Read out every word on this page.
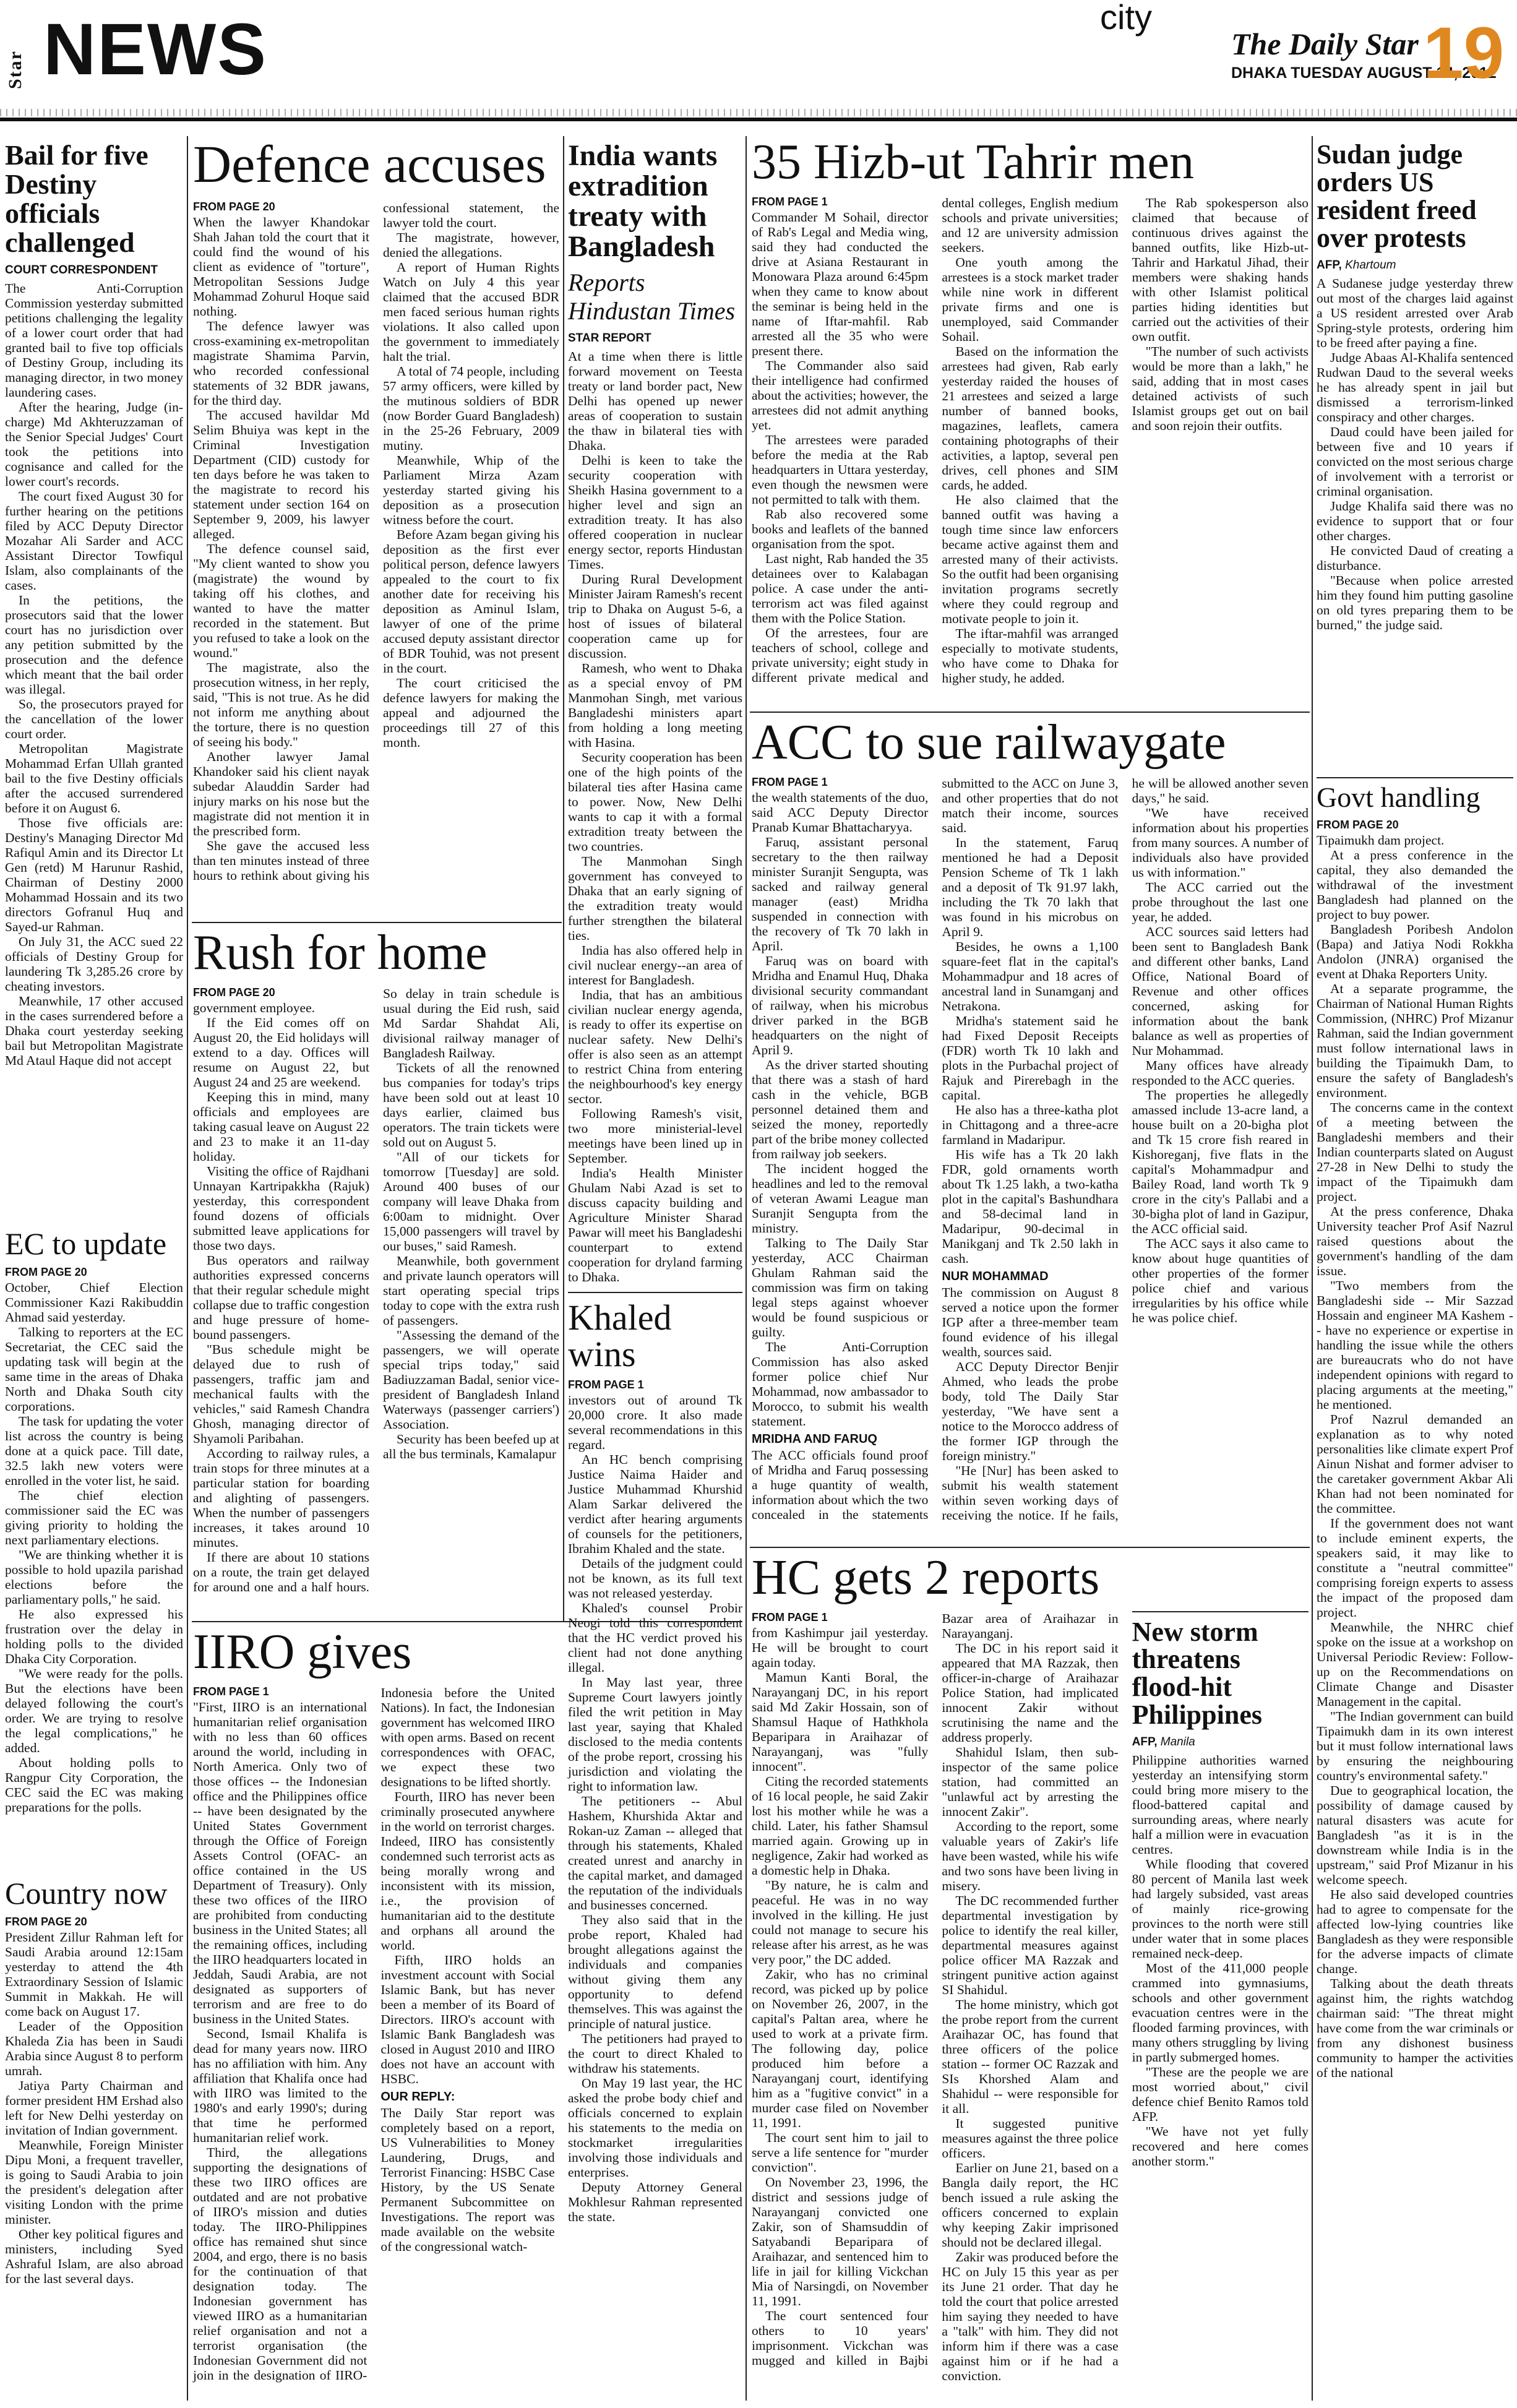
Star NEWS	city
The Daily Star
DHAKA TUESDAY AUGUST 14, 2012
19
Bail for five Destiny officials challenged
COURT CORRESPONDENT

The Anti-Corruption Commission yesterday submitted petitions challenging the legality of a lower court order that had granted bail to five top officials of Destiny Group, including its managing director, in two money laundering cases.

After the hearing, Judge (in-charge) Md Akhteruzzaman of the Senior Special Judges' Court took the petitions into cognisance and called for the lower court's records.

The court fixed August 30 for further hearing on the petitions filed by ACC Deputy Director Mozahar Ali Sarder and ACC Assistant Director Towfiqul Islam, also complainants of the cases.

In the petitions, the prosecutors said that the lower court has no jurisdiction over any petition submitted by the prosecution and the defence which meant that the bail order was illegal.

So, the prosecutors prayed for the cancellation of the lower court order.

Metropolitan Magistrate Mohammad Erfan Ullah granted bail to the five Destiny officials after the accused surrendered before it on August 6.

Those five officials are: Destiny's Managing Director Md Rafiqul Amin and its Director Lt Gen (retd) M Harunur Rashid, Chairman of Destiny 2000 Mohammad Hossain and its two directors Gofranul Huq and Sayed-ur Rahman.

On July 31, the ACC sued 22 officials of Destiny Group for laundering Tk 3,285.26 crore by cheating investors.

Meanwhile, 17 other accused in the cases surrendered before a Dhaka court yesterday seeking bail but Metropolitan Magistrate Md Ataul Haque did not accept

EC to update
FROM PAGE 20

October, Chief Election Commissioner Kazi Rakibuddin Ahmad said yesterday.

Talking to reporters at the EC Secretariat, the CEC said the updating task will begin at the same time in the areas of Dhaka North and Dhaka South city corporations.

The task for updating the voter list across the country is being done at a quick pace. Till date, 32.5 lakh new voters were enrolled in the voter list, he said.

The chief election commissioner said the EC was giving priority to holding the next parliamentary elections.

"We are thinking whether it is possible to hold upazila parishad elections before the parliamentary polls," he said.

He also expressed his frustration over the delay in holding polls to the divided Dhaka City Corporation.

"We were ready for the polls. But the elections have been delayed following the court's order. We are trying to resolve the legal complications," he added.

About holding polls to Rangpur City Corporation, the CEC said the EC was making preparations for the polls.

Country now
FROM PAGE 20

President Zillur Rahman left for Saudi Arabia around 12:15am yesterday to attend the 4th Extraordinary Session of Islamic Summit in Makkah. He will come back on August 17.

Leader of the Opposition Khaleda Zia has been in Saudi Arabia since August 8 to perform umrah.

Jatiya Party Chairman and former president HM Ershad also left for New Delhi yesterday on invitation of Indian government.

Meanwhile, Foreign Minister Dipu Moni, a frequent traveller, is going to Saudi Arabia to join the president's delegation after visiting London with the prime minister.

Other key political figures and ministers, including Syed Ashraful Islam, are also abroad for the last several days.

Defence accuses
FROM PAGE 20

When the lawyer Khandokar Shah Jahan told the court that it could find the wound of his client as evidence of "torture", Metropolitan Sessions Judge Mohammad Zohurul Hoque said nothing.

The defence lawyer was cross-examining ex-metropolitan magistrate Shamima Parvin, who recorded confessional statements of 32 BDR jawans, for the third day.

The accused havildar Md Selim Bhuiya was kept in the Criminal Investigation Department (CID) custody for ten days before he was taken to the magistrate to record his statement under section 164 on September 9, 2009, his lawyer alleged.

The defence counsel said, "My client wanted to show you (magistrate) the wound by taking off his clothes, and wanted to have the matter recorded in the statement. But you refused to take a look on the wound."

The magistrate, also the prosecution witness, in her reply, said, "This is not true. As he did not inform me anything about the torture, there is no question of seeing his body."

Another lawyer Jamal Khandoker said his client nayak subedar Alauddin Sarder had injury marks on his nose but the magistrate did not mention it in the prescribed form.

She gave the accused less than ten minutes instead of three hours to rethink about giving his confessional statement, the lawyer told the court.

The magistrate, however, denied the allegations.

A report of Human Rights Watch on July 4 this year claimed that the accused BDR men faced serious human rights violations. It also called upon the government to immediately halt the trial.

A total of 74 people, including 57 army officers, were killed by the mutinous soldiers of BDR (now Border Guard Bangladesh) in the 25-26 February, 2009 mutiny.

Meanwhile, Whip of the Parliament Mirza Azam yesterday started giving his deposition as a prosecution witness before the court.

Before Azam began giving his deposition as the first ever political person, defence lawyers appealed to the court to fix another date for receiving his deposition as Aminul Islam, lawyer of one of the prime accused deputy assistant director of BDR Touhid, was not present in the court.

The court criticised the defence lawyers for making the appeal and adjourned the proceedings till 27 of this month.

Rush for home
FROM PAGE 20

government employee.

If the Eid comes off on August 20, the Eid holidays will extend to a day. Offices will resume on August 22, but August 24 and 25 are weekend.

Keeping this in mind, many officials and employees are taking casual leave on August 22 and 23 to make it an 11-day holiday.

Visiting the office of Rajdhani Unnayan Kartripakkha (Rajuk) yesterday, this correspondent found dozens of officials submitted leave applications for those two days.

Bus operators and railway authorities expressed concerns that their regular schedule might collapse due to traffic congestion and huge pressure of home-bound passengers.

"Bus schedule might be delayed due to rush of passengers, traffic jam and mechanical faults with the vehicles," said Ramesh Chandra Ghosh, managing director of Shyamoli Paribahan.

According to railway rules, a train stops for three minutes at a particular station for boarding and alighting of passengers. When the number of passengers increases, it takes around 10 minutes.

If there are about 10 stations on a route, the train get delayed for around one and a half hours. So delay in train schedule is usual during the Eid rush, said Md Sardar Shahdat Ali, divisional railway manager of Bangladesh Railway.

Tickets of all the renowned bus companies for today's trips have been sold out at least 10 days earlier, claimed bus operators. The train tickets were sold out on August 5.

"All of our tickets for tomorrow [Tuesday] are sold. Around 400 buses of our company will leave Dhaka from 6:00am to midnight. Over 15,000 passengers will travel by our buses," said Ramesh.

Meanwhile, both government and private launch operators will start operating special trips today to cope with the extra rush of passengers.

"Assessing the demand of the passengers, we will operate special trips today," said Badiuzzaman Badal, senior vice-president of Bangladesh Inland Waterways (passenger carriers') Association.

Security has been beefed up at all the bus terminals, Kamalapur

IIRO gives
FROM PAGE 1

"First, IIRO is an international humanitarian relief organisation with no less than 60 offices around the world, including in North America. Only two of those offices -- the Indonesian office and the Philippines office -- have been designated by the United States Government through the Office of Foreign Assets Control (OFAC- an office contained in the US Department of Treasury). Only these two offices of the IIRO are prohibited from conducting business in the United States; all the remaining offices, including the IIRO headquarters located in Jeddah, Saudi Arabia, are not designated as supporters of terrorism and are free to do business in the United States.

Second, Ismail Khalifa is dead for many years now. IIRO has no affiliation with him. Any affiliation that Khalifa once had with IIRO was limited to the 1980's and early 1990's; during that time he performed humanitarian relief work.

Third, the allegations supporting the designations of these two IIRO offices are outdated and are not probative of IIRO's mission and duties today. The IIRO-Philippines office has remained shut since 2004, and ergo, there is no basis for the continuation of that designation today. The Indonesian government has viewed IIRO as a humanitarian relief organisation and not a terrorist organisation (the Indonesian Government did not join in the designation of IIRO-Indonesia before the United Nations). In fact, the Indonesian government has welcomed IIRO with open arms. Based on recent correspondences with OFAC, we expect these two designations to be lifted shortly.

Fourth, IIRO has never been criminally prosecuted anywhere in the world on terrorist charges. Indeed, IIRO has consistently condemned such terrorist acts as being morally wrong and inconsistent with its mission, i.e., the provision of humanitarian aid to the destitute and orphans all around the world.

Fifth, IIRO holds an investment account with Social Islamic Bank, but has never been a member of its Board of Directors. IIRO's account with Islamic Bank Bangladesh was closed in August 2010 and IIRO does not have an account with HSBC.

OUR REPLY:

The Daily Star report was completely based on a report, US Vulnerabilities to Money Laundering, Drugs, and Terrorist Financing: HSBC Case History, by the US Senate Permanent Subcommittee on Investigations. The report was made available on the website of the congressional watch-

India wants extradition treaty with Bangladesh
Reports Hindustan Times
STAR REPORT

At a time when there is little forward movement on Teesta treaty or land border pact, New Delhi has opened up newer areas of cooperation to sustain the thaw in bilateral ties with Dhaka.

Delhi is keen to take the security cooperation with Sheikh Hasina government to a higher level and sign an extradition treaty. It has also offered cooperation in nuclear energy sector, reports Hindustan Times.

During Rural Development Minister Jairam Ramesh's recent trip to Dhaka on August 5-6, a host of issues of bilateral cooperation came up for discussion.

Ramesh, who went to Dhaka as a special envoy of PM Manmohan Singh, met various Bangladeshi ministers apart from holding a long meeting with Hasina.

Security cooperation has been one of the high points of the bilateral ties after Hasina came to power. Now, New Delhi wants to cap it with a formal extradition treaty between the two countries.

The Manmohan Singh government has conveyed to Dhaka that an early signing of the extradition treaty would further strengthen the bilateral ties.

India has also offered help in civil nuclear energy--an area of interest for Bangladesh.

India, that has an ambitious civilian nuclear energy agenda, is ready to offer its expertise on nuclear safety. New Delhi's offer is also seen as an attempt to restrict China from entering the neighbourhood's key energy sector.

Following Ramesh's visit, two more ministerial-level meetings have been lined up in September.

India's Health Minister Ghulam Nabi Azad is set to discuss capacity building and Agriculture Minister Sharad Pawar will meet his Bangladeshi counterpart to extend cooperation for dryland farming to Dhaka.

Khaled wins
FROM PAGE 1

investors out of around Tk 20,000 crore. It also made several recommendations in this regard.

An HC bench comprising Justice Naima Haider and Justice Muhammad Khurshid Alam Sarkar delivered the verdict after hearing arguments of counsels for the petitioners, Ibrahim Khaled and the state.

Details of the judgment could not be known, as its full text was not released yesterday.

Khaled's counsel Probir Neogi told this correspondent that the HC verdict proved his client had not done anything illegal.

In May last year, three Supreme Court lawyers jointly filed the writ petition in May last year, saying that Khaled disclosed to the media contents of the probe report, crossing his jurisdiction and violating the right to information law.

The petitioners -- Abul Hashem, Khurshida Aktar and Rokan-uz Zaman -- alleged that through his statements, Khaled created unrest and anarchy in the capital market, and damaged the reputation of the individuals and businesses concerned.

They also said that in the probe report, Khaled had brought allegations against the individuals and companies without giving them any opportunity to defend themselves. This was against the principle of natural justice.

The petitioners had prayed to the court to direct Khaled to withdraw his statements.

On May 19 last year, the HC asked the probe body chief and officials concerned to explain his statements to the media on stockmarket irregularities involving those individuals and enterprises.

Deputy Attorney General Mokhlesur Rahman represented the state.

35 Hizb-ut Tahrir men
FROM PAGE 1

Commander M Sohail, director of Rab's Legal and Media wing, said they had conducted the drive at Asiana Restaurant in Monowara Plaza around 6:45pm when they came to know about the seminar is being held in the name of Iftar-mahfil. Rab arrested all the 35 who were present there.

The Commander also said their intelligence had confirmed about the activities; however, the arrestees did not admit anything yet.

The arrestees were paraded before the media at the Rab headquarters in Uttara yesterday, even though the newsmen were not permitted to talk with them.

Rab also recovered some books and leaflets of the banned organisation from the spot.

Last night, Rab handed the 35 detainees over to Kalabagan police. A case under the anti-terrorism act was filed against them with the Police Station.

Of the arrestees, four are teachers of school, college and private university; eight study in different private medical and dental colleges, English medium schools and private universities; and 12 are university admission seekers.

One youth among the arrestees is a stock market trader while nine work in different private firms and one is unemployed, said Commander Sohail.

Based on the information the arrestees had given, Rab early yesterday raided the houses of 21 arrestees and seized a large number of banned books, magazines, leaflets, camera containing photographs of their activities, a laptop, several pen drives, cell phones and SIM cards, he added.

He also claimed that the banned outfit was having a tough time since law enforcers became active against them and arrested many of their activists. So the outfit had been organising invitation programs secretly where they could regroup and motivate people to join it.

The iftar-mahfil was arranged especially to motivate students, who have come to Dhaka for higher study, he added.

The Rab spokesperson also claimed that because of continuous drives against the banned outfits, like Hizb-ut-Tahrir and Harkatul Jihad, their members were shaking hands with other Islamist political parties hiding identities but carried out the activities of their own outfit.

"The number of such activists would be more than a lakh," he said, adding that in most cases detained activists of such Islamist groups get out on bail and soon rejoin their outfits.

ACC to sue railwaygate
FROM PAGE 1

the wealth statements of the duo, said ACC Deputy Director Pranab Kumar Bhattacharyya.

Faruq, assistant personal secretary to the then railway minister Suranjit Sengupta, was sacked and railway general manager (east) Mridha suspended in connection with the recovery of Tk 70 lakh in April.

Faruq was on board with Mridha and Enamul Huq, Dhaka divisional security commandant of railway, when his microbus driver parked in the BGB headquarters on the night of April 9.

As the driver started shouting that there was a stash of hard cash in the vehicle, BGB personnel detained them and seized the money, reportedly part of the bribe money collected from railway job seekers.

The incident hogged the headlines and led to the removal of veteran Awami League man Suranjit Sengupta from the ministry.

Talking to The Daily Star yesterday, ACC Chairman Ghulam Rahman said the commission was firm on taking legal steps against whoever would be found suspicious or guilty.

The Anti-Corruption Commission has also asked former police chief Nur Mohammad, now ambassador to Morocco, to submit his wealth statement.

MRIDHA AND FARUQ

The ACC officials found proof of Mridha and Faruq possessing a huge quantity of wealth, information about which the two concealed in the statements submitted to the ACC on June 3, and other properties that do not match their income, sources said.

In the statement, Faruq mentioned he had a Deposit Pension Scheme of Tk 1 lakh and a deposit of Tk 91.97 lakh, including the Tk 70 lakh that was found in his microbus on April 9.

Besides, he owns a 1,100 square-feet flat in the capital's Mohammadpur and 18 acres of ancestral land in Sunamganj and Netrakona.

Mridha's statement said he had Fixed Deposit Receipts (FDR) worth Tk 10 lakh and plots in the Purbachal project of Rajuk and Pirerebagh in the capital.

He also has a three-katha plot in Chittagong and a three-acre farmland in Madaripur.

His wife has a Tk 20 lakh FDR, gold ornaments worth about Tk 1.25 lakh, a two-katha plot in the capital's Bashundhara and 58-decimal land in Madaripur, 90-decimal in Manikganj and Tk 2.50 lakh in cash.

NUR MOHAMMAD

The commission on August 8 served a notice upon the former IGP after a three-member team found evidence of his illegal wealth, sources said.

ACC Deputy Director Benjir Ahmed, who leads the probe body, told The Daily Star yesterday, "We have sent a notice to the Morocco address of the former IGP through the foreign ministry."

"He [Nur] has been asked to submit his wealth statement within seven working days of receiving the notice. If he fails, he will be allowed another seven days," he said.

"We have received information about his properties from many sources. A number of individuals also have provided us with information."

The ACC carried out the probe throughout the last one year, he added.

ACC sources said letters had been sent to Bangladesh Bank and different other banks, Land Office, National Board of Revenue and other offices concerned, asking for information about the bank balance as well as properties of Nur Mohammad.

Many offices have already responded to the ACC queries.

The properties he allegedly amassed include 13-acre land, a house built on a 20-bigha plot and Tk 15 crore fish reared in Kishoreganj, five flats in the capital's Mohammadpur and Bailey Road, land worth Tk 9 crore in the city's Pallabi and a 30-bigha plot of land in Gazipur, the ACC official said.

The ACC says it also came to know about huge quantities of other properties of the former police chief and various irregularities by his office while he was police chief.

HC gets 2 reports
FROM PAGE 1

from Kashimpur jail yesterday. He will be brought to court again today.

Mamun Kanti Boral, the Narayanganj DC, in his report said Md Zakir Hossain, son of Shamsul Haque of Hathkhola Beparipara in Araihazar of Narayanganj, was "fully innocent".

Citing the recorded statements of 16 local people, he said Zakir lost his mother while he was a child. Later, his father Shamsul married again. Growing up in negligence, Zakir had worked as a domestic help in Dhaka.

"By nature, he is calm and peaceful. He was in no way involved in the killing. He just could not manage to secure his release after his arrest, as he was very poor," the DC added.

Zakir, who has no criminal record, was picked up by police on November 26, 2007, in the capital's Paltan area, where he used to work at a private firm. The following day, police produced him before a Narayanganj court, identifying him as a "fugitive convict" in a murder case filed on November 11, 1991.

The court sent him to jail to serve a life sentence for "murder conviction".

On November 23, 1996, the district and sessions judge of Narayanganj convicted one Zakir, son of Shamsuddin of Satyabandi Beparipara of Araihazar, and sentenced him to life in jail for killing Vickchan Mia of Narsingdi, on November 11, 1991.

The court sentenced four others to 10 years' imprisonment. Vickchan was mugged and killed in Bajbi Bazar area of Araihazar in Narayanganj.

The DC in his report said it appeared that MA Razzak, then officer-in-charge of Araihazar Police Station, had implicated innocent Zakir without scrutinising the name and the address properly.

Shahidul Islam, then sub-inspector of the same police station, had committed an "unlawful act by arresting the innocent Zakir".

According to the report, some valuable years of Zakir's life have been wasted, while his wife and two sons have been living in misery.

The DC recommended further departmental investigation by police to identify the real killer, departmental measures against police officer MA Razzak and stringent punitive action against SI Shahidul.

The home ministry, which got the probe report from the current Araihazar OC, has found that three officers of the police station -- former OC Razzak and SIs Khorshed Alam and Shahidul -- were responsible for it all.

It suggested punitive measures against the three police officers.

Earlier on June 21, based on a Bangla daily report, the HC bench issued a rule asking the officers concerned to explain why keeping Zakir imprisoned should not be declared illegal.

Zakir was produced before the HC on July 15 this year as per its June 21 order. That day he told the court that police arrested him saying they needed to have a "talk" with him. They did not inform him if there was a case against him or if he had a conviction.

New storm threatens flood-hit Philippines
AFP, Manila

Philippine authorities warned yesterday an intensifying storm could bring more misery to the flood-battered capital and surrounding areas, where nearly half a million were in evacuation centres.

While flooding that covered 80 percent of Manila last week had largely subsided, vast areas of mainly rice-growing provinces to the north were still under water that in some places remained neck-deep.

Most of the 411,000 people crammed into gymnasiums, schools and other government evacuation centres were in the flooded farming provinces, with many others struggling by living in partly submerged homes.

"These are the people we are most worried about," civil defence chief Benito Ramos told AFP.

"We have not yet fully recovered and here comes another storm."

Sudan judge orders US resident freed over protests
AFP, Khartoum

A Sudanese judge yesterday threw out most of the charges laid against a US resident arrested over Arab Spring-style protests, ordering him to be freed after paying a fine.

Judge Abaas Al-Khalifa sentenced Rudwan Daud to the several weeks he has already spent in jail but dismissed a terrorism-linked conspiracy and other charges.

Daud could have been jailed for between five and 10 years if convicted on the most serious charge of involvement with a terrorist or criminal organisation.

Judge Khalifa said there was no evidence to support that or four other charges.

He convicted Daud of creating a disturbance.

"Because when police arrested him they found him putting gasoline on old tyres preparing them to be burned," the judge said.

Govt handling
FROM PAGE 20

Tipaimukh dam project.

At a press conference in the capital, they also demanded the withdrawal of the investment Bangladesh had planned on the project to buy power.

Bangladesh Poribesh Andolon (Bapa) and Jatiya Nodi Rokkha Andolon (JNRA) organised the event at Dhaka Reporters Unity.

At a separate programme, the Chairman of National Human Rights Commission, (NHRC) Prof Mizanur Rahman, said the Indian government must follow international laws in building the Tipaimukh Dam, to ensure the safety of Bangladesh's environment.

The concerns came in the context of a meeting between the Bangladeshi members and their Indian counterparts slated on August 27-28 in New Delhi to study the impact of the Tipaimukh dam project.

At the press conference, Dhaka University teacher Prof Asif Nazrul raised questions about the government's handling of the dam issue.

"Two members from the Bangladeshi side -- Mir Sazzad Hossain and engineer MA Kashem -- have no experience or expertise in handling the issue while the others are bureaucrats who do not have independent opinions with regard to placing arguments at the meeting," he mentioned.

Prof Nazrul demanded an explanation as to why noted personalities like climate expert Prof Ainun Nishat and former adviser to the caretaker government Akbar Ali Khan had not been nominated for the committee.

If the government does not want to include eminent experts, the speakers said, it may like to constitute a "neutral committee" comprising foreign experts to assess the impact of the proposed dam project.

Meanwhile, the NHRC chief spoke on the issue at a workshop on Universal Periodic Review: Follow-up on the Recommendations on Climate Change and Disaster Management in the capital.

"The Indian government can build Tipaimukh dam in its own interest but it must follow international laws by ensuring the neighbouring country's environmental safety."

Due to geographical location, the possibility of damage caused by natural disasters was acute for Bangladesh "as it is in the downstream while India is in the upstream," said Prof Mizanur in his welcome speech.

He also said developed countries had to agree to compensate for the affected low-lying countries like Bangladesh as they were responsible for the adverse impacts of climate change.

Talking about the death threats against him, the rights watchdog chairman said: "The threat might have come from the war criminals or from any dishonest business community to hamper the activities of the national
